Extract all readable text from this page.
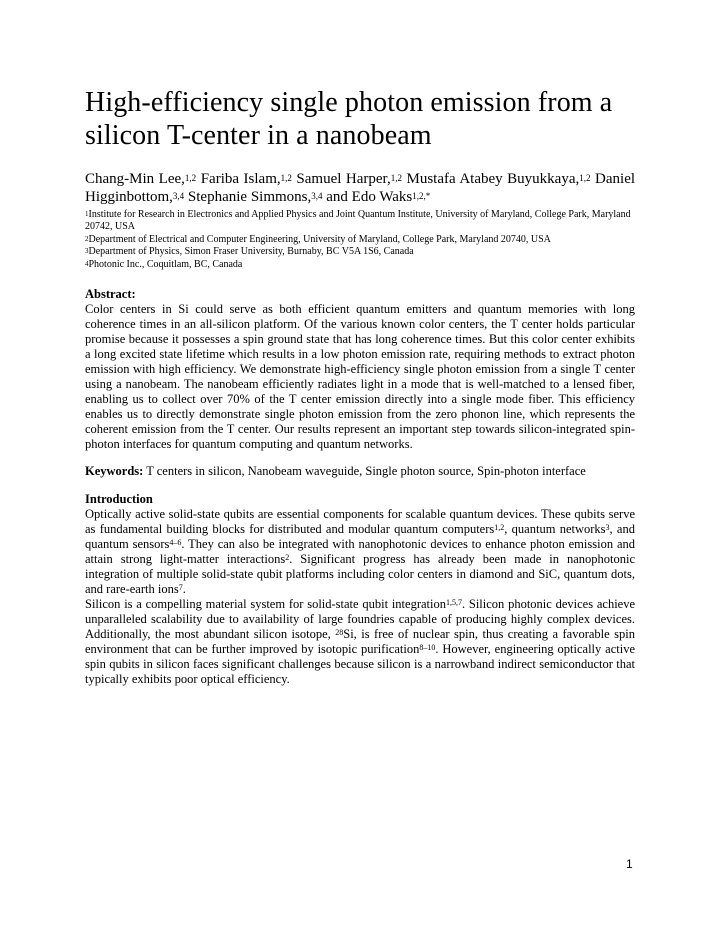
High-efficiency single photon emission from a silicon T-center in a nanobeam
Chang-Min Lee,$^{1,2}$ Fariba Islam,$^{1,2}$ Samuel Harper,$^{1,2}$ Mustafa Atabey Buyukkaya,$^{1,2}$ Daniel Higginbottom,$^{3,4}$ Stephanie Simmons,$^{3,4}$ and Edo Waks$^{1,2,*}$

$^1$Institute for Research in Electronics and Applied Physics and Joint Quantum Institute, University of Maryland, College Park, Maryland 20742, USA

$^2$Department of Electrical and Computer Engineering, University of Maryland, College Park, Maryland 20740, USA

$^3$Department of Physics, Simon Fraser University, Burnaby, BC V5A 1S6, Canada

$^4$Photonic Inc., Coquitlam, BC, Canada

Abstract:

Color centers in Si could serve as both efficient quantum emitters and quantum memories with long coherence times in an all-silicon platform. Of the various known color centers, the T center holds particular promise because it possesses a spin ground state that has long coherence times. But this color center exhibits a long excited state lifetime which results in a low photon emission rate, requiring methods to extract photon emission with high efficiency. We demonstrate high-efficiency single photon emission from a single T center using a nanobeam. The nanobeam efficiently radiates light in a mode that is well-matched to a lensed fiber, enabling us to collect over 70% of the T center emission directly into a single mode fiber. This efficiency enables us to directly demonstrate single photon emission from the zero phonon line, which represents the coherent emission from the T center. Our results represent an important step towards silicon-integrated spin-photon interfaces for quantum computing and quantum networks.

Keywords: T centers in silicon, Nanobeam waveguide, Single photon source, Spin-photon interface
Introduction

Optically active solid-state qubits are essential components for scalable quantum devices. These qubits serve as fundamental building blocks for distributed and modular quantum computers$^{1,2}$, quantum networks$^3$, and quantum sensors$^{4-6}$. They can also be integrated with nanophotonic devices to enhance photon emission and attain strong light-matter interactions$^2$. Significant progress has already been made in nanophotonic integration of multiple solid-state qubit platforms including color centers in diamond and SiC, quantum dots, and rare-earth ions$^7$.

Silicon is a compelling material system for solid-state qubit integration$^{1,5,7}$. Silicon photonic devices achieve unparalleled scalability due to availability of large foundries capable of producing highly complex devices. Additionally, the most abundant silicon isotope, $^{28}$Si, is free of nuclear spin, thus creating a favorable spin environment that can be further improved by isotopic purification$^{8-10}$. However, engineering optically active spin qubits in silicon faces significant challenges because silicon is a narrowband indirect semiconductor that typically exhibits poor optical efficiency.

1
